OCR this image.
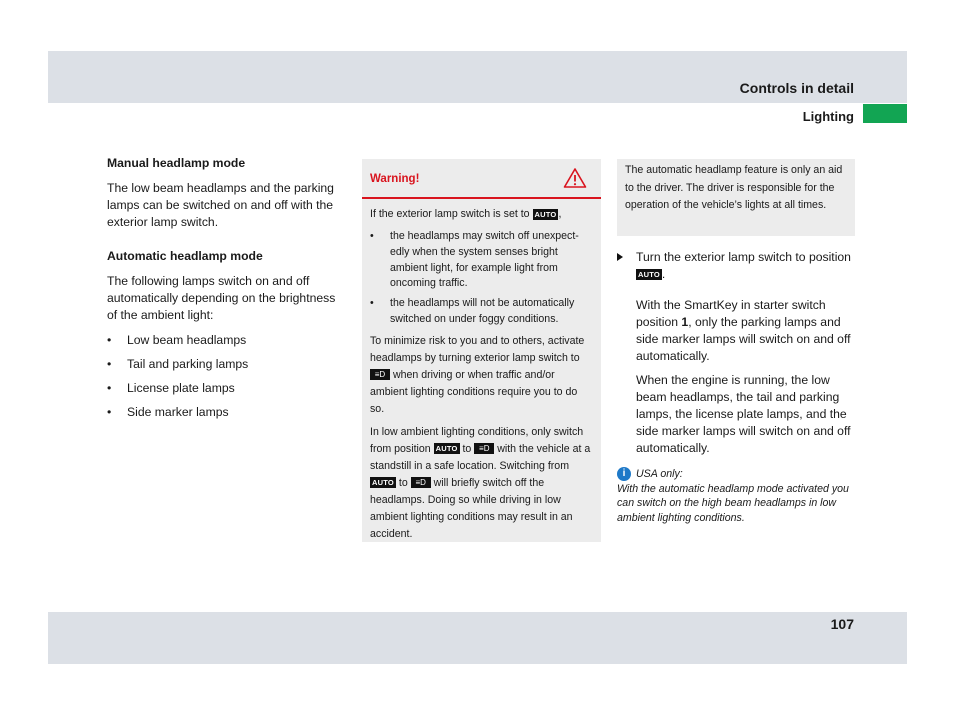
Controls in detail
Lighting
Manual headlamp mode

The low beam headlamps and the parking lamps can be switched on and off with the exterior lamp switch.

Automatic headlamp mode

The following lamps switch on and off automatically depending on the brightness of the ambient light:

• Low beam headlamps
• Tail and parking lamps
• License plate lamps
• Side marker lamps
Warning!

If the exterior lamp switch is set to AUTO ,

• the headlamps may switch off unexpect-edly when the system senses bright ambient light, for example light from oncoming traffic.
• the headlamps will not be automatically switched on under foggy conditions.

To minimize risk to you and to others, activate headlamps by turning exterior lamp switch to ≡D when driving or when traffic and/or ambient lighting conditions require you to do so.

In low ambient lighting conditions, only switch from position AUTO to ≡D with the vehicle at a standstill in a safe location. Switching from AUTO to ≡D will briefly switch off the headlamps. Doing so while driving in low ambient lighting conditions may result in an accident.

The automatic headlamp feature is only an aid to the driver. The driver is responsible for the operation of the vehicle’s lights at all times.

Turn the exterior lamp switch to position AUTO .

With the SmartKey in starter switch position 1, only the parking lamps and side marker lamps will switch on and off automatically.

When the engine is running, the low beam headlamps, the tail and parking lamps, the license plate lamps, and the side marker lamps will switch on and off automatically.

i USA only:
With the automatic headlamp mode activated you can switch on the high beam headlamps in low ambient lighting conditions.
107
